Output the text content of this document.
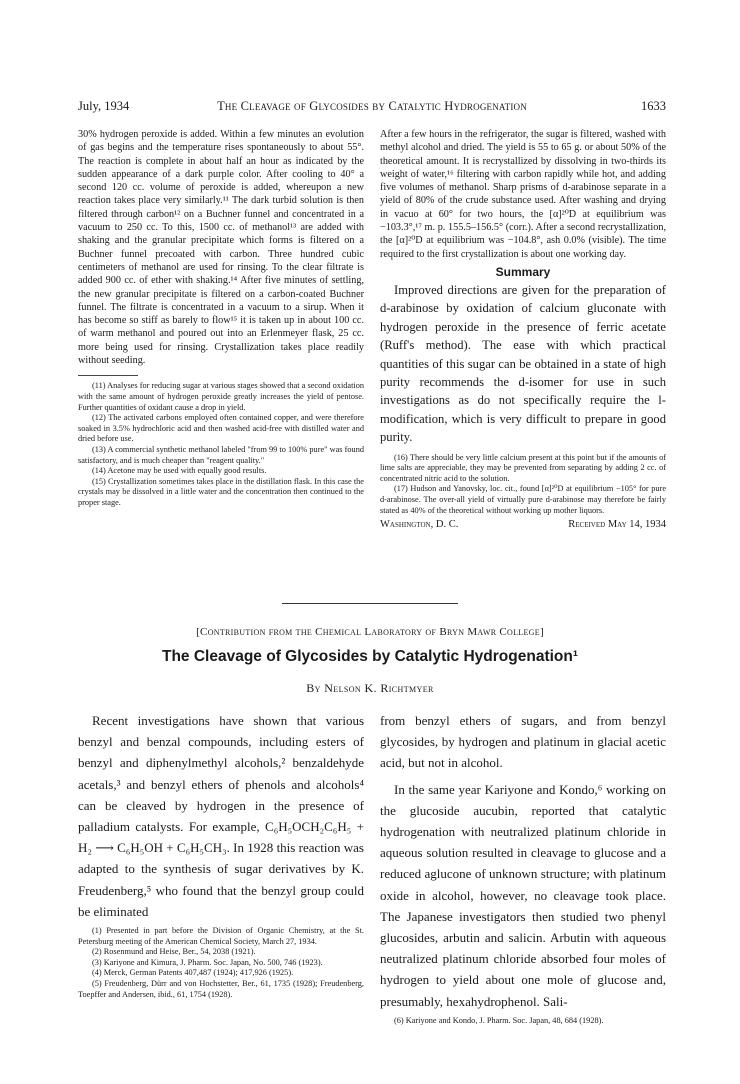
July, 1934	The Cleavage of Glycosides by Catalytic Hydrogenation	1633

30% hydrogen peroxide is added. Within a few minutes an evolution of gas begins and the temperature rises spontaneously to about 55°. The reaction is complete in about half an hour as indicated by the sudden appearance of a dark purple color. After cooling to 40° a second 120 cc. volume of peroxide is added, whereupon a new reaction takes place very similarly.¹¹ The dark turbid solution is then filtered through carbon¹² on a Buchner funnel and concentrated in a vacuum to 250 cc. To this, 1500 cc. of methanol¹³ are added with shaking and the granular precipitate which forms is filtered on a Buchner funnel precoated with carbon. Three hundred cubic centimeters of methanol are used for rinsing. To the clear filtrate is added 900 cc. of ether with shaking.¹⁴ After five minutes of settling, the new granular precipitate is filtered on a carbon-coated Buchner funnel. The filtrate is concentrated in a vacuum to a sirup. When it has become so stiff as barely to flow¹⁵ it is taken up in about 100 cc. of warm methanol and poured out into an Erlenmeyer flask, 25 cc. more being used for rinsing. Crystallization takes place readily without seeding.

(11) Analyses for reducing sugar at various stages showed that a second oxidation with the same amount of hydrogen peroxide greatly increases the yield of pentose. Further quantities of oxidant cause a drop in yield.

(12) The activated carbons employed often contained copper, and were therefore soaked in 3.5% hydrochloric acid and then washed acid-free with distilled water and dried before use.

(13) A commercial synthetic methanol labeled "from 99 to 100% pure" was found satisfactory, and is much cheaper than "reagent quality."

(14) Acetone may be used with equally good results.

(15) Crystallization sometimes takes place in the distillation flask. In this case the crystals may be dissolved in a little water and the concentration then continued to the proper stage.

After a few hours in the refrigerator, the sugar is filtered, washed with methyl alcohol and dried. The yield is 55 to 65 g. or about 50% of the theoretical amount. It is recrystallized by dissolving in two-thirds its weight of water,¹⁶ filtering with carbon rapidly while hot, and adding five volumes of methanol. Sharp prisms of d-arabinose separate in a yield of 80% of the crude substance used. After washing and drying in vacuo at 60° for two hours, the [α]²⁰D at equilibrium was −103.3°,¹⁷ m. p. 155.5–156.5° (corr.). After a second recrystallization, the [α]²⁰D at equilibrium was −104.8°, ash 0.0% (visible). The time required to the first crystallization is about one working day.

Summary

Improved directions are given for the preparation of d-arabinose by oxidation of calcium gluconate with hydrogen peroxide in the presence of ferric acetate (Ruff's method). The ease with which practical quantities of this sugar can be obtained in a state of high purity recommends the d-isomer for use in such investigations as do not specifically require the l-modification, which is very difficult to prepare in good purity.

(16) There should be very little calcium present at this point but if the amounts of lime salts are appreciable, they may be prevented from separating by adding 2 cc. of concentrated nitric acid to the solution.

(17) Hudson and Yanovsky, loc. cit., found [α]²⁰D at equilibrium −105° for pure d-arabinose. The over-all yield of virtually pure d-arabinose may therefore be fairly stated as 40% of the theoretical without working up mother liquors.

Washington, D. C.	Received May 14, 1934
[Contribution from the Chemical Laboratory of Bryn Mawr College]
The Cleavage of Glycosides by Catalytic Hydrogenation¹
By Nelson K. Richtmyer

Recent investigations have shown that various benzyl and benzal compounds, including esters of benzyl and diphenylmethyl alcohols,² benzaldehyde acetals,³ and benzyl ethers of phenols and alcohols⁴ can be cleaved by hydrogen in the presence of palladium catalysts. For example, C₆H₅OCH₂C₆H₅ + H₂ ⟶ C₆H₅OH + C₆H₅CH₃. In 1928 this reaction was adapted to the synthesis of sugar derivatives by K. Freudenberg,⁵ who found that the benzyl group could be eliminated

(1) Presented in part before the Division of Organic Chemistry, at the St. Petersburg meeting of the American Chemical Society, March 27, 1934.

(2) Rosenmund and Heise, Ber., 54, 2038 (1921).

(3) Kariyone and Kimura, J. Pharm. Soc. Japan, No. 500, 746 (1923).

(4) Merck, German Patents 407,487 (1924); 417,926 (1925).

(5) Freudenberg, Dürr and von Hochstetter, Ber., 61, 1735 (1928); Freudenberg, Toepffer and Andersen, ibid., 61, 1754 (1928).

from benzyl ethers of sugars, and from benzyl glycosides, by hydrogen and platinum in glacial acetic acid, but not in alcohol.

In the same year Kariyone and Kondo,⁶ working on the glucoside aucubin, reported that catalytic hydrogenation with neutralized platinum chloride in aqueous solution resulted in cleavage to glucose and a reduced aglucone of unknown structure; with platinum oxide in alcohol, however, no cleavage took place. The Japanese investigators then studied two phenyl glucosides, arbutin and salicin. Arbutin with aqueous neutralized platinum chloride absorbed four moles of hydrogen to yield about one mole of glucose and, presumably, hexahydrophenol. Sali-

(6) Kariyone and Kondo, J. Pharm. Soc. Japan, 48, 684 (1928).
